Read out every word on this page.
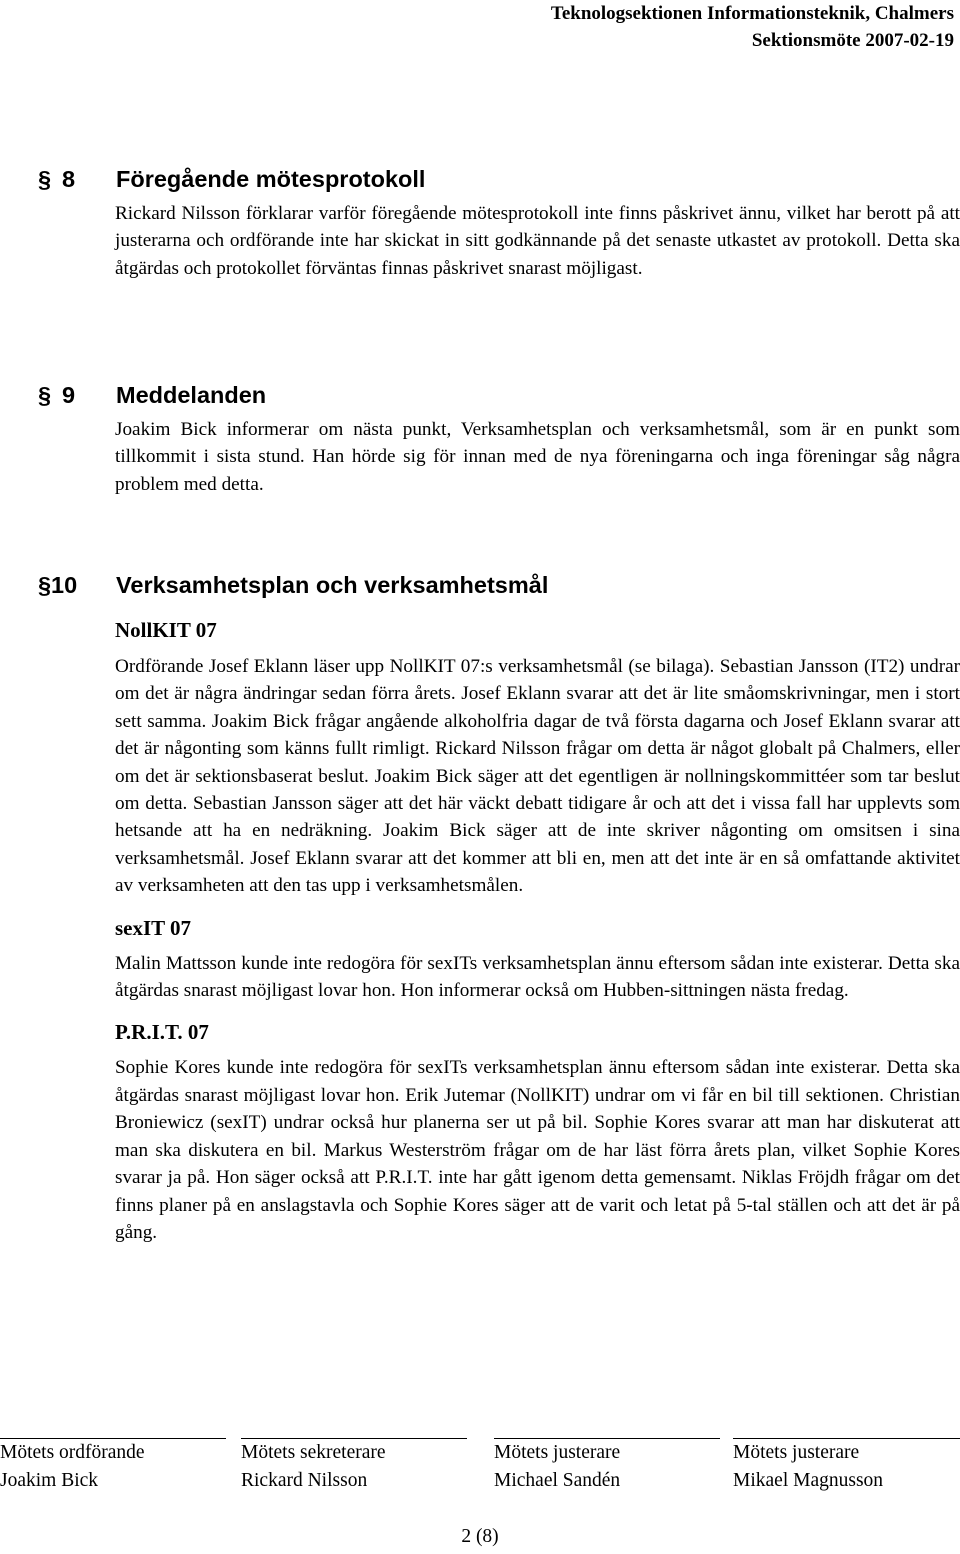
Teknologsektionen Informationsteknik, Chalmers
Sektionsmöte 2007-02-19
§ 8 Föregående mötesprotokoll

Rickard Nilsson förklarar varför föregående mötesprotokoll inte finns påskrivet ännu, vilket har berott på att justerarna och ordförande inte har skickat in sitt godkännande på det senaste utkastet av protokoll. Detta ska åtgärdas och protokollet förväntas finnas påskrivet snarast möjligast.

§ 9 Meddelanden

Joakim Bick informerar om nästa punkt, Verksamhetsplan och verksamhetsmål, som är en punkt som tillkommit i sista stund. Han hörde sig för innan med de nya föreningarna och inga föreningar såg några problem med detta.

§ 10 Verksamhetsplan och verksamhetsmål
NollKIT 07

Ordförande Josef Eklann läser upp NollKIT 07:s verksamhetsmål (se bilaga). Sebastian Jansson (IT2) undrar om det är några ändringar sedan förra årets. Josef Eklann svarar att det är lite småomskrivningar, men i stort sett samma. Joakim Bick frågar angående alkoholfria dagar de två första dagarna och Josef Eklann svarar att det är någonting som känns fullt rimligt. Rickard Nilsson frågar om detta är något globalt på Chalmers, eller om det är sektionsbaserat beslut. Joakim Bick säger att det egentligen är nollningskommittéer som tar beslut om detta. Sebastian Jansson säger att det här väckt debatt tidigare år och att det i vissa fall har upplevts som hetsande att ha en nedräkning. Joakim Bick säger att de inte skriver någonting om omsitsen i sina verksamhetsmål. Josef Eklann svarar att det kommer att bli en, men att det inte är en så omfattande aktivitet av verksamheten att den tas upp i verksamhetsmålen.

sexIT 07

Malin Mattsson kunde inte redogöra för sexITs verksamhetsplan ännu eftersom sådan inte existerar. Detta ska åtgärdas snarast möjligast lovar hon. Hon informerar också om Hubben-sittningen nästa fredag.

P.R.I.T. 07

Sophie Kores kunde inte redogöra för sexITs verksamhetsplan ännu eftersom sådan inte existerar. Detta ska åtgärdas snarast möjligast lovar hon. Erik Jutemar (NollKIT) undrar om vi får en bil till sektionen. Christian Broniewicz (sexIT) undrar också hur planerna ser ut på bil. Sophie Kores svarar att man har diskuterat att man ska diskutera en bil. Markus Westerström frågar om de har läst förra årets plan, vilket Sophie Kores svarar ja på. Hon säger också att P.R.I.T. inte har gått igenom detta gemensamt. Niklas Fröjdh frågar om det finns planer på en anslagstavla och Sophie Kores säger att de varit och letat på 5-tal ställen och att det är på gång.

Mötets ordförande
Joakim Bick
Mötets sekreterare
Rickard Nilsson
Mötets justerare
Michael Sandén
Mötets justerare
Mikael Magnusson
2 (8)
